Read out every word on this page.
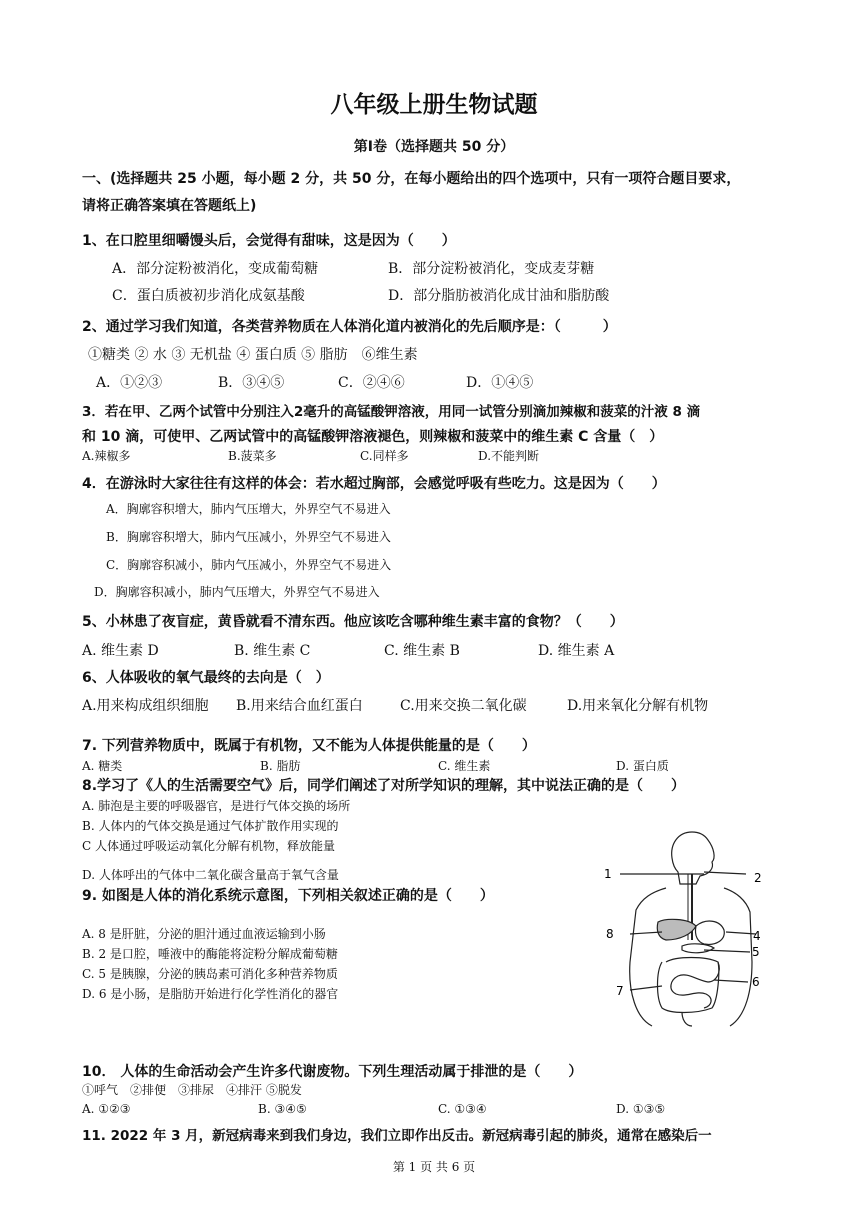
八年级上册生物试题
第Ⅰ卷（选择题共 50 分）
一、(选择题共 25 小题，每小题 2 分，共 50 分，在每小题给出的四个选项中，只有一项符合题目要求，
请将正确答案填在答题纸上)
1、在口腔里细嚼馒头后，会觉得有甜味，这是因为（　　）
A．部分淀粉被消化，变成葡萄糖	B．部分淀粉被消化，变成麦芽糖
C．蛋白质被初步消化成氨基酸	D．部分脂肪被消化成甘油和脂肪酸
2、通过学习我们知道，各类营养物质在人体消化道内被消化的先后顺序是：（　　　）
①糖类 ② 水 ③ 无机盐 ④ 蛋白质 ⑤ 脂肪　⑥维生素
A．①②③	B．③④⑤	C．②④⑥	D．①④⑤
3．若在甲、乙两个试管中分别注入2毫升的高锰酸钾溶液，用同一试管分别滴加辣椒和菠菜的汁液 8 滴
和 10 滴，可使甲、乙两试管中的高锰酸钾溶液褪色，则辣椒和菠菜中的维生素 C 含量（　）
A.辣椒多	B.菠菜多	C.同样多	D.不能判断
4．在游泳时大家往往有这样的体会：若水超过胸部，会感觉呼吸有些吃力。这是因为（　　）
A．胸廓容积增大，肺内气压增大，外界空气不易进入
B．胸廓容积增大，肺内气压减小，外界空气不易进入
C．胸廓容积减小，肺内气压减小，外界空气不易进入
D．胸廓容积减小，肺内气压增大，外界空气不易进入
5、小林患了夜盲症，黄昏就看不清东西。他应该吃含哪种维生素丰富的食物？（　　）
A. 维生素 D	B. 维生素 C	C. 维生素 B	D. 维生素 A
6、人体吸收的氧气最终的去向是（　）
A.用来构成组织细胞 B.用来结合血红蛋白	C.用来交换二氧化碳	D.用来氧化分解有机物
7. 下列营养物质中，既属于有机物，又不能为人体提供能量的是（　　）
A. 糖类	B. 脂肪	C. 维生素	D. 蛋白质
8.学习了《人的生活需要空气》后，同学们阐述了对所学知识的理解，其中说法正确的是（　　）
A. 肺泡是主要的呼吸器官，是进行气体交换的场所
B. 人体内的气体交换是通过气体扩散作用实现的
C 人体通过呼吸运动氧化分解有机物，释放能量
D. 人体呼出的气体中二氧化碳含量高于氧气含量
9. 如图是人体的消化系统示意图，下列相关叙述正确的是（　　）
A. 8 是肝脏，分泌的胆汁通过血液运输到小肠
B. 2 是口腔，唾液中的酶能将淀粉分解成葡萄糖
C. 5 是胰腺，分泌的胰岛素可消化多种营养物质
D. 6 是小肠，是脂肪开始进行化学性消化的器官
1	2
4
5
6
7
8
10． 人体的生命活动会产生许多代谢废物。下列生理活动属于排泄的是（　　）
①呼气　②排便　③排尿　④排汗 ⑤脱发
A. ①②③	B. ③④⑤	C. ①③④	D. ①③⑤
11. 2022 年 3 月，新冠病毒来到我们身边，我们立即作出反击。新冠病毒引起的肺炎，通常在感染后一
第 1 页 共 6 页
